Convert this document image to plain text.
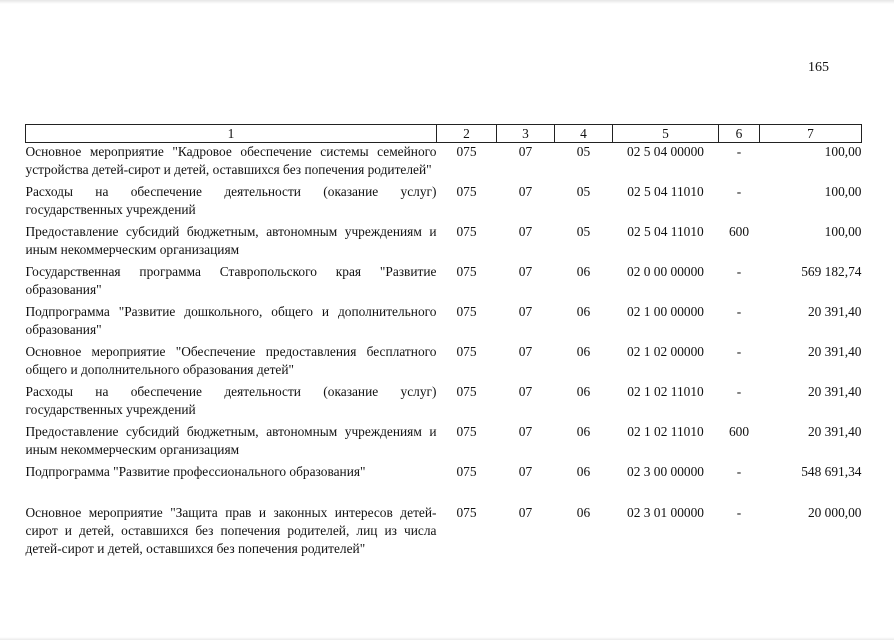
165
1	2	3	4	5	6	7
Основное мероприятие "Кадровое обеспечение системы семейного устройства детей-сирот и детей, оставшихся без попечения родителей"	075	07	05	02 5 04 00000	-	100,00
Расходы на обеспечение деятельности (оказание услуг) государственных учреждений	075	07	05	02 5 04 11010	-	100,00
Предоставление субсидий бюджетным, автономным учреждениям и иным некоммерческим организациям	075	07	05	02 5 04 11010	600	100,00
Государственная программа Ставропольского края "Развитие образования"	075	07	06	02 0 00 00000	-	569 182,74
Подпрограмма "Развитие дошкольного, общего и дополнительного образования"	075	07	06	02 1 00 00000	-	20 391,40
Основное мероприятие "Обеспечение предоставления бесплатного общего и дополнительного образования детей"	075	07	06	02 1 02 00000	-	20 391,40
Расходы на обеспечение деятельности (оказание услуг) государственных учреждений	075	07	06	02 1 02 11010	-	20 391,40
Предоставление субсидий бюджетным, автономным учреждениям и иным некоммерческим организациям	075	07	06	02 1 02 11010	600	20 391,40
Подпрограмма "Развитие профессионального образования"	075	07	06	02 3 00 00000	-	548 691,34
Основное мероприятие "Защита прав и законных интересов детей-сирот и детей, оставшихся без попечения родителей, лиц из числа детей-сирот и детей, оставшихся без попечения родителей"	075	07	06	02 3 01 00000	-	20 000,00
